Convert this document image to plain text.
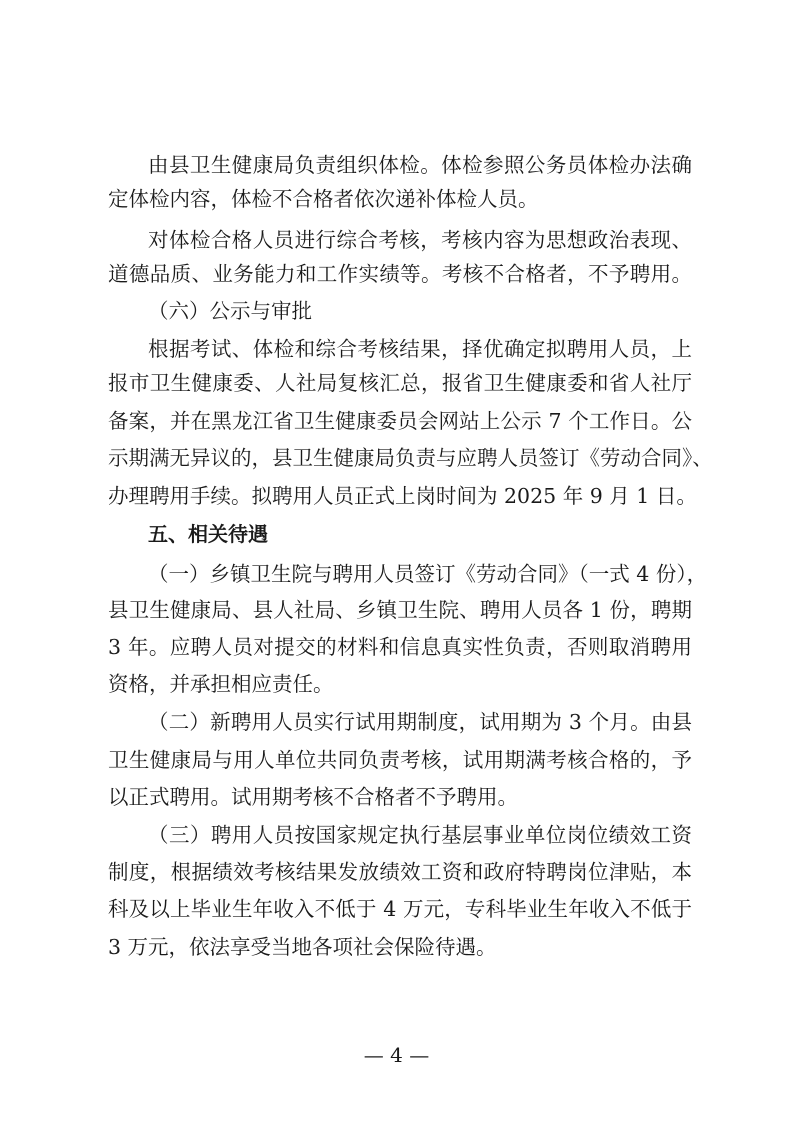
由县卫生健康局负责组织体检。体检参照公务员体检办法确
定体检内容，体检不合格者依次递补体检人员。
对体检合格人员进行综合考核，考核内容为思想政治表现、
道德品质、业务能力和工作实绩等。考核不合格者，不予聘用。
（六）公示与审批
根据考试、体检和综合考核结果，择优确定拟聘用人员，上
报市卫生健康委、人社局复核汇总，报省卫生健康委和省人社厅
备案，并在黑龙江省卫生健康委员会网站上公示 7 个工作日。公
示期满无异议的，县卫生健康局负责与应聘人员签订《劳动合同》、
办理聘用手续。拟聘用人员正式上岗时间为 2025 年 9 月 1 日。
五、相关待遇
（一）乡镇卫生院与聘用人员签订《劳动合同》（一式 4 份），
县卫生健康局、县人社局、乡镇卫生院、聘用人员各 1 份，聘期
3 年。应聘人员对提交的材料和信息真实性负责，否则取消聘用
资格，并承担相应责任。
（二）新聘用人员实行试用期制度，试用期为 3 个月。由县
卫生健康局与用人单位共同负责考核，试用期满考核合格的，予
以正式聘用。试用期考核不合格者不予聘用。
（三）聘用人员按国家规定执行基层事业单位岗位绩效工资
制度，根据绩效考核结果发放绩效工资和政府特聘岗位津贴，本
科及以上毕业生年收入不低于 4 万元，专科毕业生年收入不低于
3 万元，依法享受当地各项社会保险待遇。
— 4 —
